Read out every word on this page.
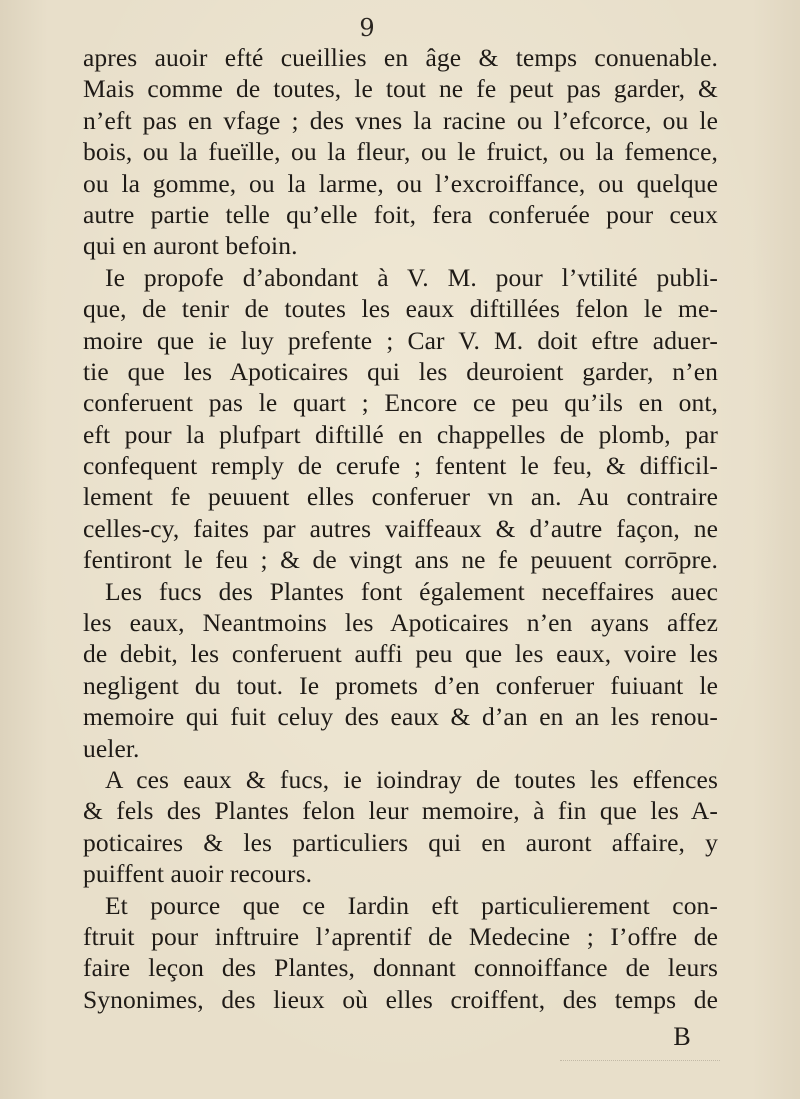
9
apres auoir efté cueillies en âge & temps conuenable.
Mais comme de toutes, le tout ne fe peut pas garder, &
n’eft pas en vfage ; des vnes la racine ou l’efcorce, ou le
bois, ou la fueïlle, ou la fleur, ou le fruict, ou la femence,
ou la gomme, ou la larme, ou l’excroiffance, ou quelque
autre partie telle qu’elle foit, fera conferuée pour ceux
qui en auront befoin.
Ie propofe d’abondant à V. M. pour l’vtilité publi-
que, de tenir de toutes les eaux diftillées felon le me-
moire que ie luy prefente ; Car V. M. doit eftre aduer-
tie que les Apoticaires qui les deuroient garder, n’en
conferuent pas le quart ; Encore ce peu qu’ils en ont,
eft pour la plufpart diftillé en chappelles de plomb, par
confequent remply de cerufe ; fentent le feu, & difficil-
lement fe peuuent elles conferuer vn an. Au contraire
celles-cy, faites par autres vaiffeaux & d’autre façon, ne
fentiront le feu ; & de vingt ans ne fe peuuent corrōpre.
Les fucs des Plantes font également neceffaires auec
les eaux, Neantmoins les Apoticaires n’en ayans affez
de debit, les conferuent auffi peu que les eaux, voire les
negligent du tout. Ie promets d’en conferuer fuiuant le
memoire qui fuit celuy des eaux & d’an en an les renou-
ueler.
A ces eaux & fucs, ie ioindray de toutes les effences
& fels des Plantes felon leur memoire, à fin que les A-
poticaires & les particuliers qui en auront affaire, y
puiffent auoir recours.
Et pource que ce Iardin eft particulierement con-
ftruit pour inftruire l’aprentif de Medecine ; I’offre de
faire leçon des Plantes, donnant connoiffance de leurs
Synonimes, des lieux où elles croiffent, des temps de
B
